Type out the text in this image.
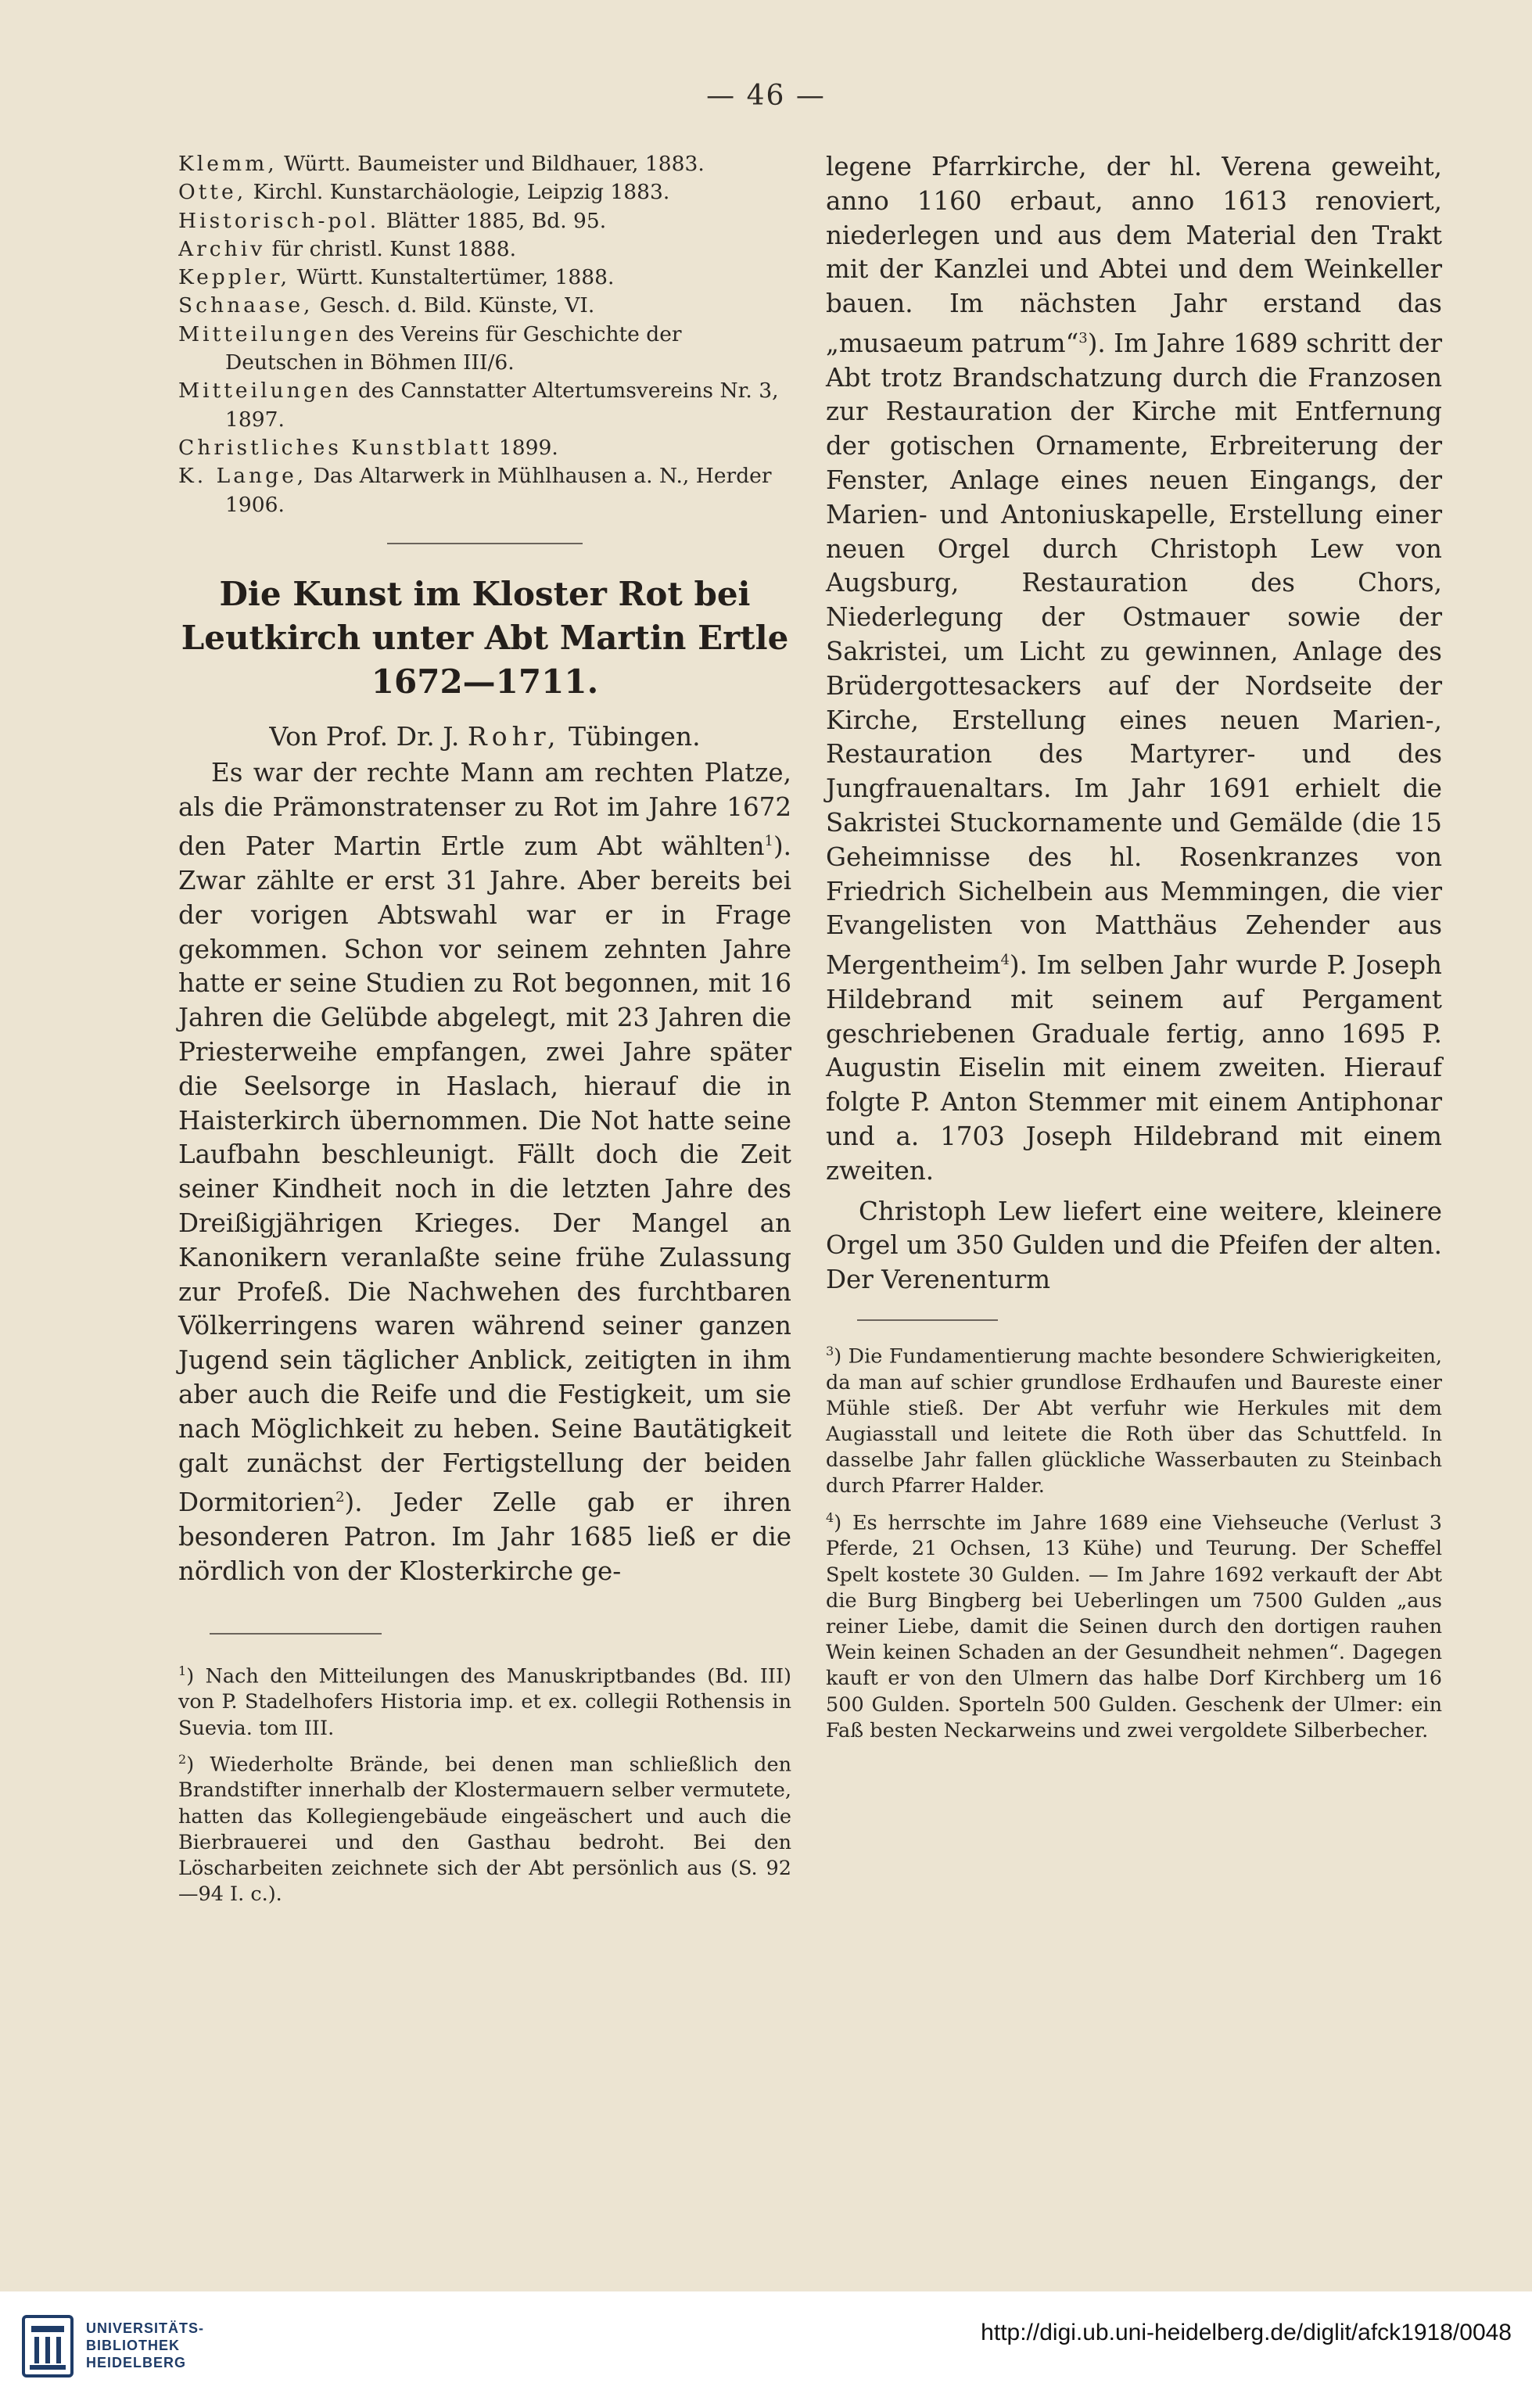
— 46 —
Klemm, Württ. Baumeister und Bildhauer, 1883.
Otte, Kirchl. Kunstarchäologie, Leipzig 1883.
Historisch-pol. Blätter 1885, Bd. 95.
Archiv für christl. Kunst 1888.
Keppler, Württ. Kunstaltertümer, 1888.
Schnaase, Gesch. d. Bild. Künste, VI.
Mitteilungen des Vereins für Geschichte der Deutschen in Böhmen III/6.
Mitteilungen des Cannstatter Altertumsvereins Nr. 3, 1897.
Christliches Kunstblatt 1899.
K. Lange, Das Altarwerk in Mühlhausen a. N., Herder 1906.
Die Kunst im Kloster Rot bei
Leutkirch unter Abt Martin Ertle
1672—1711.
Von Prof. Dr. J. Rohr, Tübingen.

Es war der rechte Mann am rechten Platze, als die Prämonstratenser zu Rot im Jahre 1672 den Pater Martin Ertle zum Abt wählten$^1$). Zwar zählte er erst 31 Jahre. Aber bereits bei der vorigen Abtswahl war er in Frage gekommen. Schon vor seinem zehnten Jahre hatte er seine Studien zu Rot begonnen, mit 16 Jahren die Gelübde abgelegt, mit 23 Jahren die Priesterweihe empfangen, zwei Jahre später die Seelsorge in Haslach, hierauf die in Haisterkirch übernommen. Die Not hatte seine Laufbahn beschleunigt. Fällt doch die Zeit seiner Kindheit noch in die letzten Jahre des Dreißigjährigen Krieges. Der Mangel an Kanonikern veranlaßte seine frühe Zulassung zur Profeß. Die Nachwehen des furchtbaren Völkerringens waren während seiner ganzen Jugend sein täglicher Anblick, zeitigten in ihm aber auch die Reife und die Festigkeit, um sie nach Möglichkeit zu heben. Seine Bautätigkeit galt zunächst der Fertigstellung der beiden Dormitorien$^2$). Jeder Zelle gab er ihren besonderen Patron. Im Jahr 1685 ließ er die nördlich von der Klosterkirche ge-

$^1$) Nach den Mitteilungen des Manuskriptbandes (Bd. III) von P. Stadelhofers Historia imp. et ex. collegii Rothensis in Suevia. tom III.

$^2$) Wiederholte Brände, bei denen man schließlich den Brandstifter innerhalb der Klostermauern selber vermutete, hatten das Kollegiengebäude eingeäschert und auch die Bierbrauerei und den Gasthau bedroht. Bei den Löscharbeiten zeichnete sich der Abt persönlich aus (S. 92—94 I. c.).

legene Pfarrkirche, der hl. Verena geweiht, anno 1160 erbaut, anno 1613 renoviert, niederlegen und aus dem Material den Trakt mit der Kanzlei und Abtei und dem Weinkeller bauen. Im nächsten Jahr erstand das „musaeum patrum“$^3$). Im Jahre 1689 schritt der Abt trotz Brandschatzung durch die Franzosen zur Restauration der Kirche mit Entfernung der gotischen Ornamente, Erbreiterung der Fenster, Anlage eines neuen Eingangs, der Marien- und Antoniuskapelle, Erstellung einer neuen Orgel durch Christoph Lew von Augsburg, Restauration des Chors, Niederlegung der Ostmauer sowie der Sakristei, um Licht zu gewinnen, Anlage des Brüdergottesackers auf der Nordseite der Kirche, Erstellung eines neuen Marien-, Restauration des Martyrer- und des Jungfrauenaltars. Im Jahr 1691 erhielt die Sakristei Stuckornamente und Gemälde (die 15 Geheimnisse des hl. Rosenkranzes von Friedrich Sichelbein aus Memmingen, die vier Evangelisten von Matthäus Zehender aus Mergentheim$^4$). Im selben Jahr wurde P. Joseph Hildebrand mit seinem auf Pergament geschriebenen Graduale fertig, anno 1695 P. Augustin Eiselin mit einem zweiten. Hierauf folgte P. Anton Stemmer mit einem Antiphonar und a. 1703 Joseph Hildebrand mit einem zweiten.

Christoph Lew liefert eine weitere, kleinere Orgel um 350 Gulden und die Pfeifen der alten. Der Verenenturm

$^3$) Die Fundamentierung machte besondere Schwierigkeiten, da man auf schier grundlose Erdhaufen und Baureste einer Mühle stieß. Der Abt verfuhr wie Herkules mit dem Augiasstall und leitete die Roth über das Schuttfeld. In dasselbe Jahr fallen glückliche Wasserbauten zu Steinbach durch Pfarrer Halder.

$^4$) Es herrschte im Jahre 1689 eine Viehseuche (Verlust 3 Pferde, 21 Ochsen, 13 Kühe) und Teurung. Der Scheffel Spelt kostete 30 Gulden. — Im Jahre 1692 verkauft der Abt die Burg Bingberg bei Ueberlingen um 7500 Gulden „aus reiner Liebe, damit die Seinen durch den dortigen rauhen Wein keinen Schaden an der Gesundheit nehmen“. Dagegen kauft er von den Ulmern das halbe Dorf Kirchberg um 16 500 Gulden. Sporteln 500 Gulden. Geschenk der Ulmer: ein Faß besten Neckarweins und zwei vergoldete Silberbecher.

UNIVERSITÄTS-
BIBLIOTHEK
HEIDELBERG
http://digi.ub.uni-heidelberg.de/diglit/afck1918/0048
